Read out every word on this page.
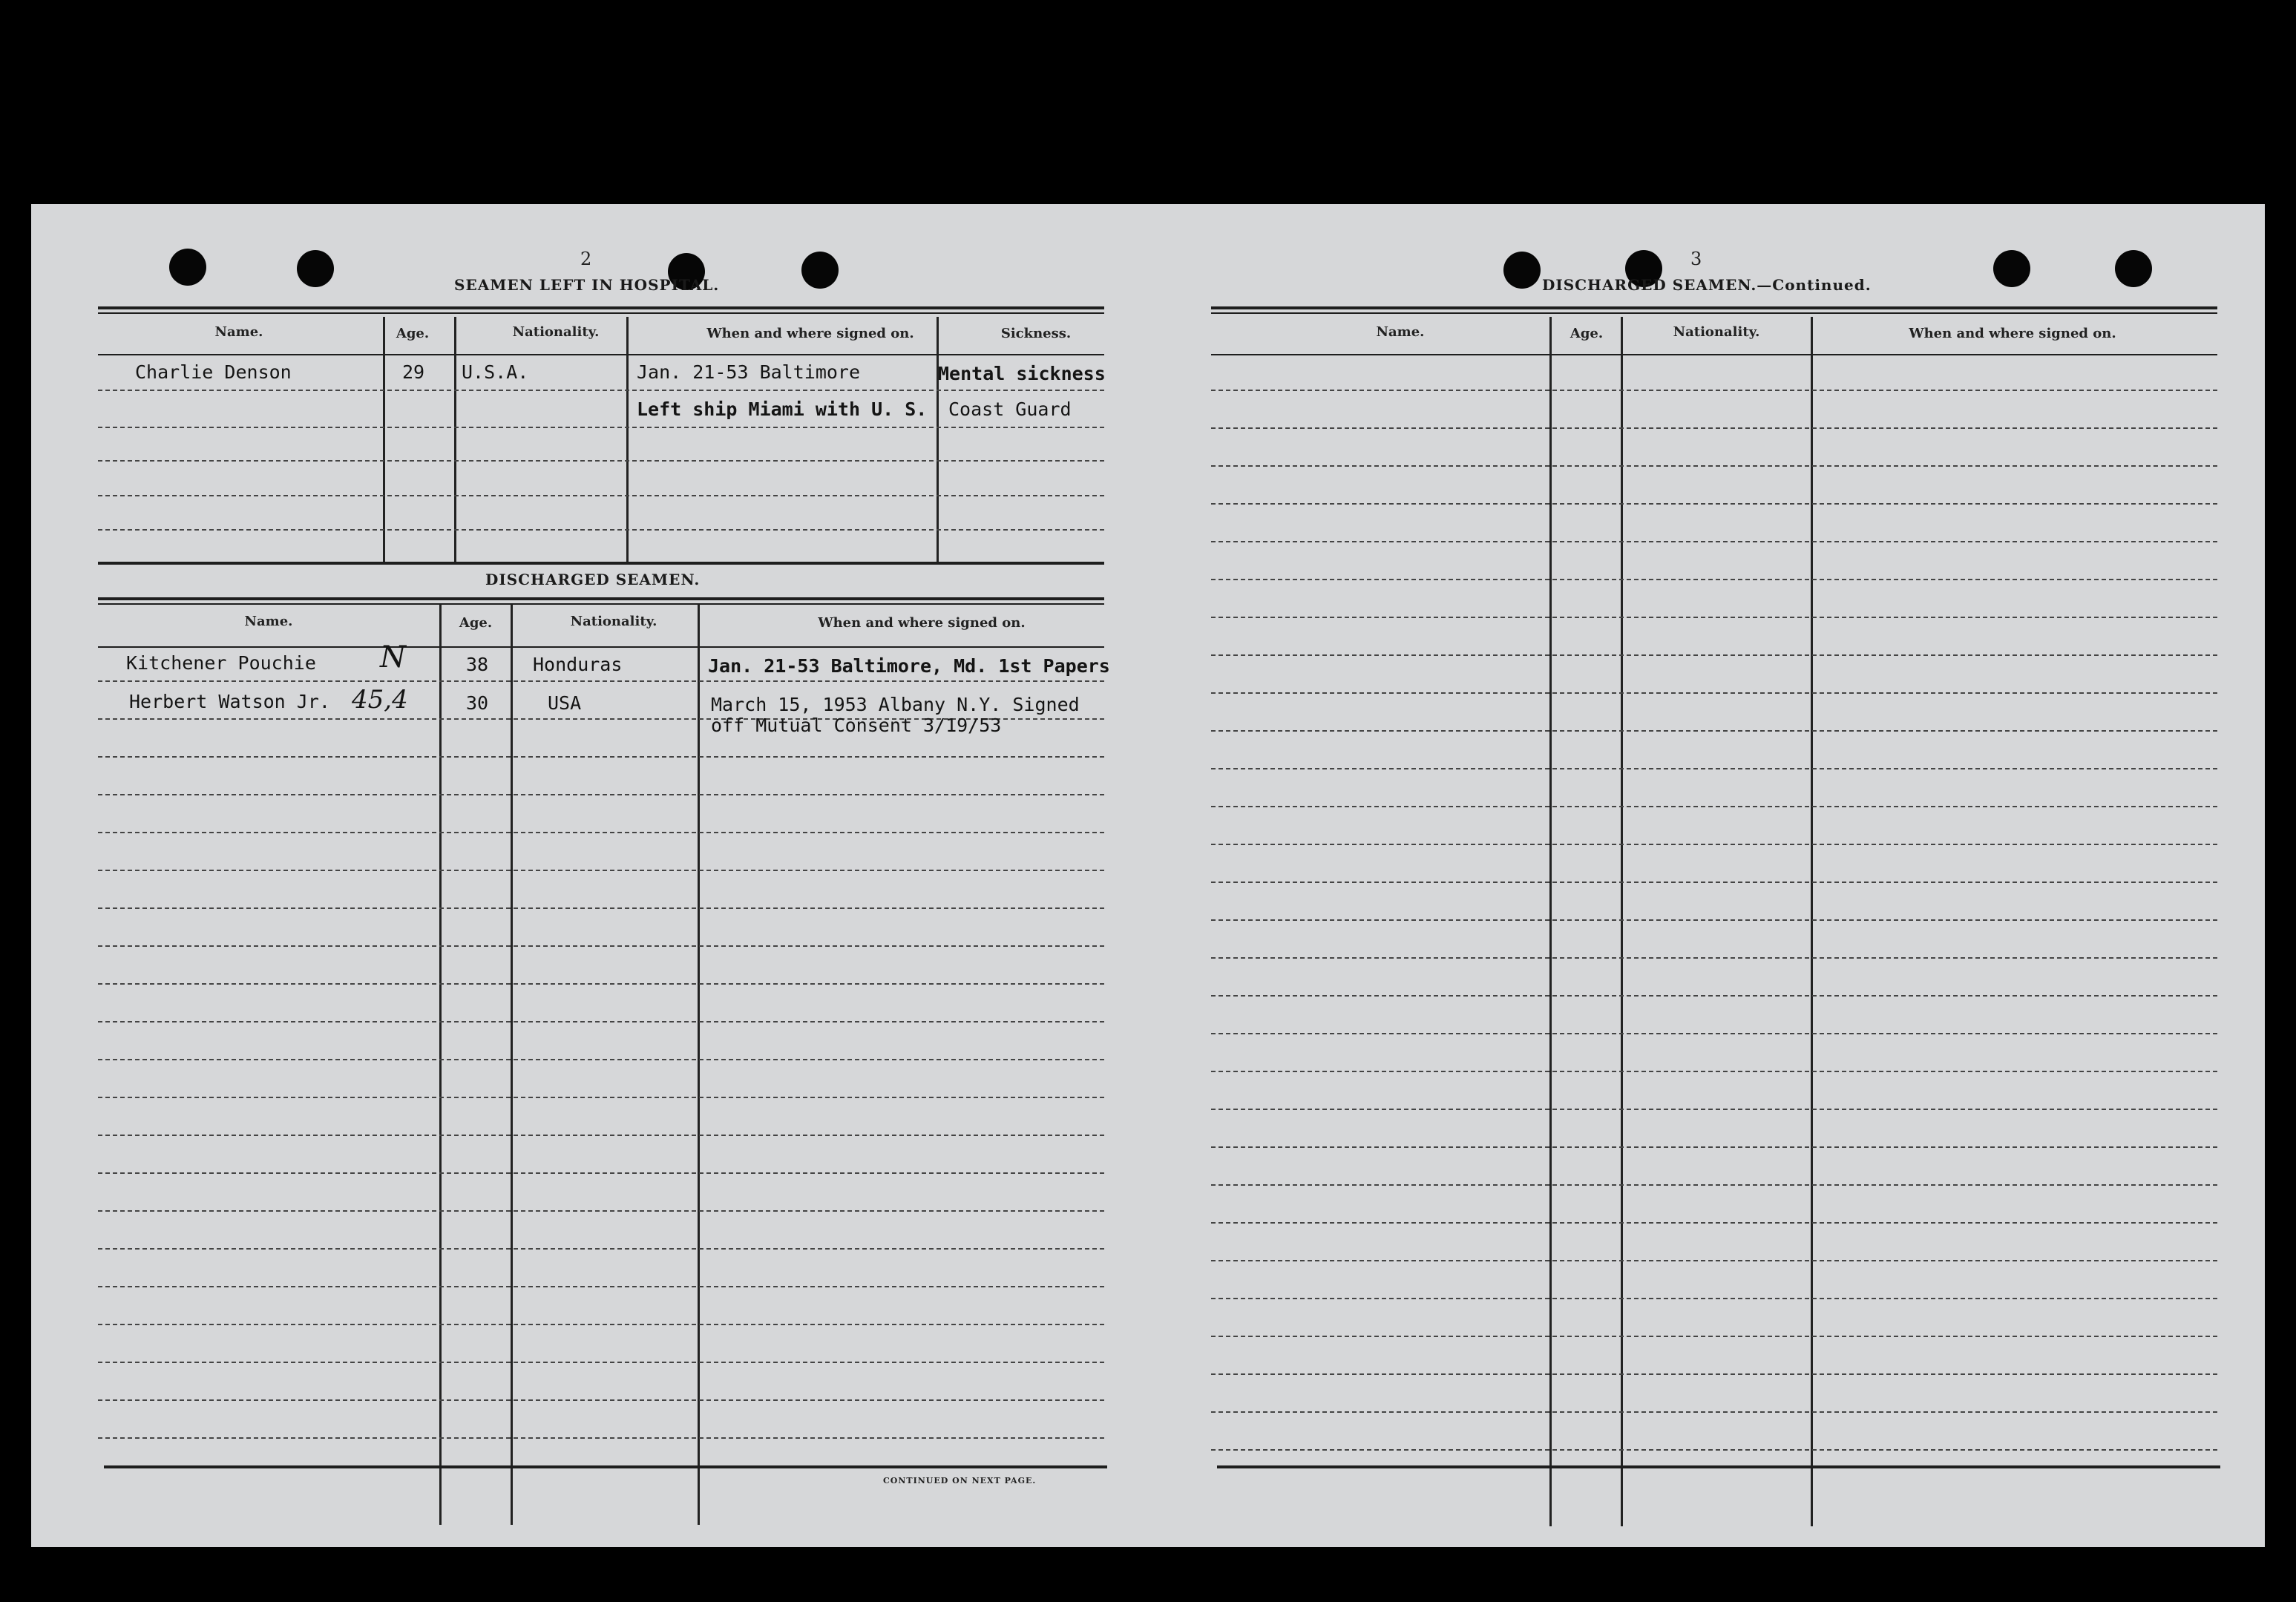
2
SEAMEN LEFT IN HOSPITAL.
Name.	Age.	Nationality.	When and where signed on.	Sickness.
Charlie Denson	29 U.S.A.	Jan. 21-53 Baltimore	Mental sickness
Left ship Miami with U. S. Coast Guard
DISCHARGED SEAMEN.
Name.	Age.	Nationality.	When and where signed on.
Kitchener Pouchie N	38 Honduras	Jan. 21-53 Baltimore, Md. 1st Papers
Herbert Watson Jr. 45,4	30	USA	March 15, 1953 Albany N.Y. Signed
off Mutual Consent 3/19/53
CONTINUED ON NEXT PAGE.
3
DISCHARGED SEAMEN.—Continued.
Name.	Age.	Nationality.	When and where signed on.
